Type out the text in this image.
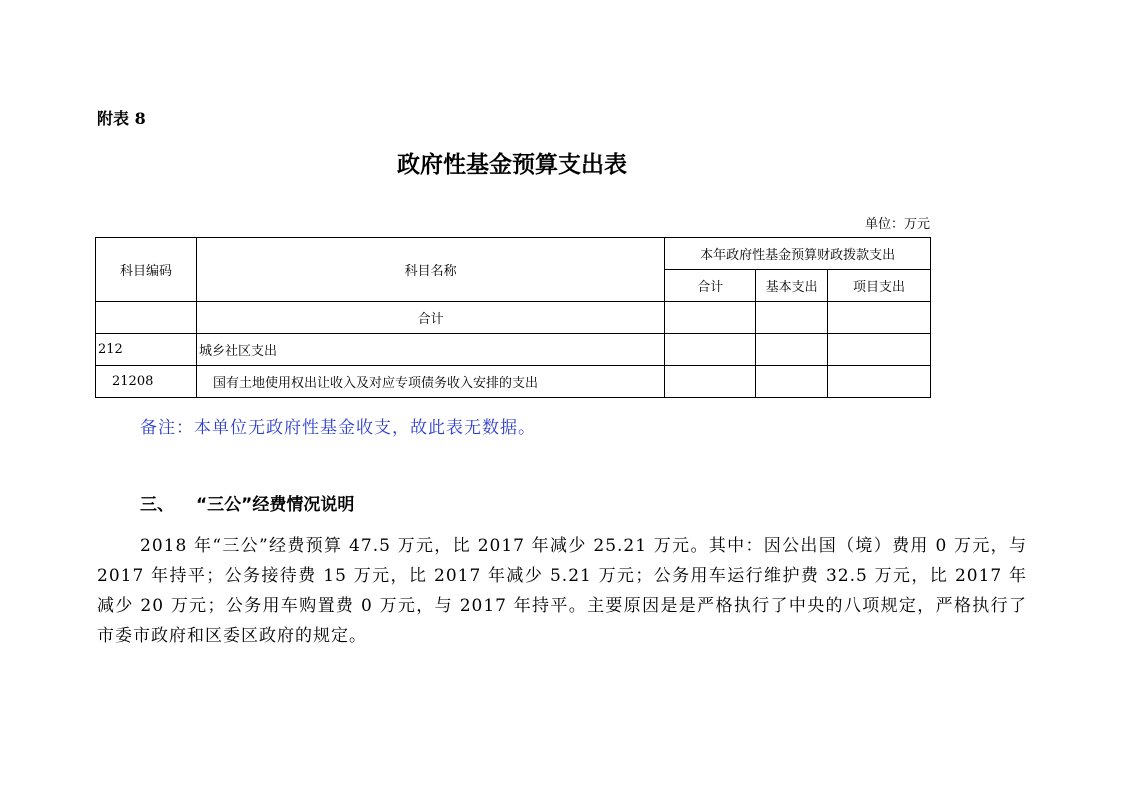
附表 8
政府性基金预算支出表
单位：万元
科目编码	科目名称	本年政府性基金预算财政拨款支出		
		合计	基本支出	项目支出
	合计			
212	城乡社区支出			
21208	国有土地使用权出让收入及对应专项债务收入安排的支出			
备注：本单位无政府性基金收支，故此表无数据。
三、 “三公”经费情况说明

2018 年“三公”经费预算 47.5 万元，比 2017 年减少 25.21 万元。其中：因公出国（境）费用 0 万元，与 2017 年持平；公务接待费 15 万元，比 2017 年减少 5.21 万元；公务用车运行维护费 32.5 万元，比 2017 年减少 20 万元；公务用车购置费 0 万元，与 2017 年持平。主要原因是是严格执行了中央的八项规定，严格执行了市委市政府和区委区政府的规定。
